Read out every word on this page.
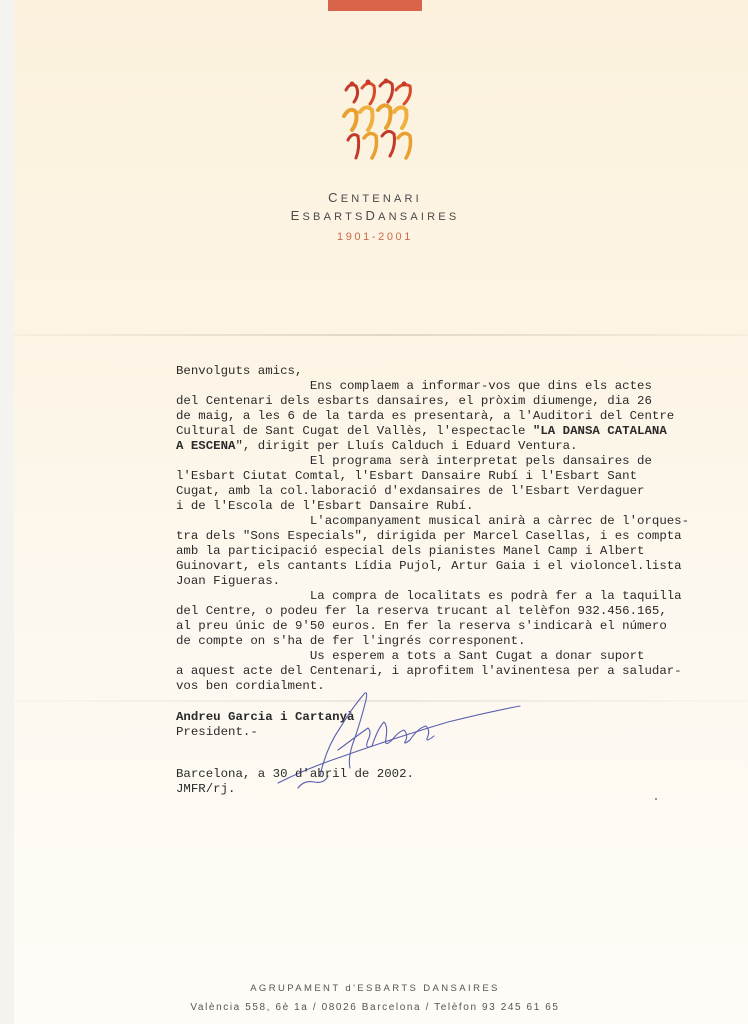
CENTENARI
ESBARTSDANSAIRES
1901-2001
Benvolguts amics,
Ens complaem a informar-vos que dins els actes
del Centenari dels esbarts dansaires, el pròxim diumenge, dia 26
de maig, a les 6 de la tarda es presentarà, a l'Auditori del Centre
Cultural de Sant Cugat del Vallès, l'espectacle "LA DANSA CATALANA
A ESCENA", dirigit per Lluís Calduch i Eduard Ventura.
El programa serà interpretat pels dansaires de
l'Esbart Ciutat Comtal, l'Esbart Dansaire Rubí i l'Esbart Sant
Cugat, amb la col.laboració d'exdansaires de l'Esbart Verdaguer
i de l'Escola de l'Esbart Dansaire Rubí.
L'acompanyament musical anirà a càrrec de l'orques-
tra dels "Sons Especials", dirigida per Marcel Casellas, i es compta
amb la participació especial dels pianistes Manel Camp i Albert
Guinovart, els cantants Lídia Pujol, Artur Gaia i el violoncel.lista
Joan Figueras.
La compra de localitats es podrà fer a la taquilla
del Centre, o podeu fer la reserva trucant al telèfon 932.456.165,
al preu únic de 9'50 euros. En fer la reserva s'indicarà el número
de compte on s'ha de fer l'ingrés corresponent.
Us esperem a tots a Sant Cugat a donar suport
a aquest acte del Centenari, i aprofitem l'avinentesa per a saludar-
vos ben cordialment.
Andreu Garcia i Cartanyà
President.-
Barcelona, a 30 d'abril de 2002.
JMFR/rj.
AGRUPAMENT d'ESBARTS DANSAIRES
València 558, 6è 1a / 08026 Barcelona / Telèfon 93 245 61 65
